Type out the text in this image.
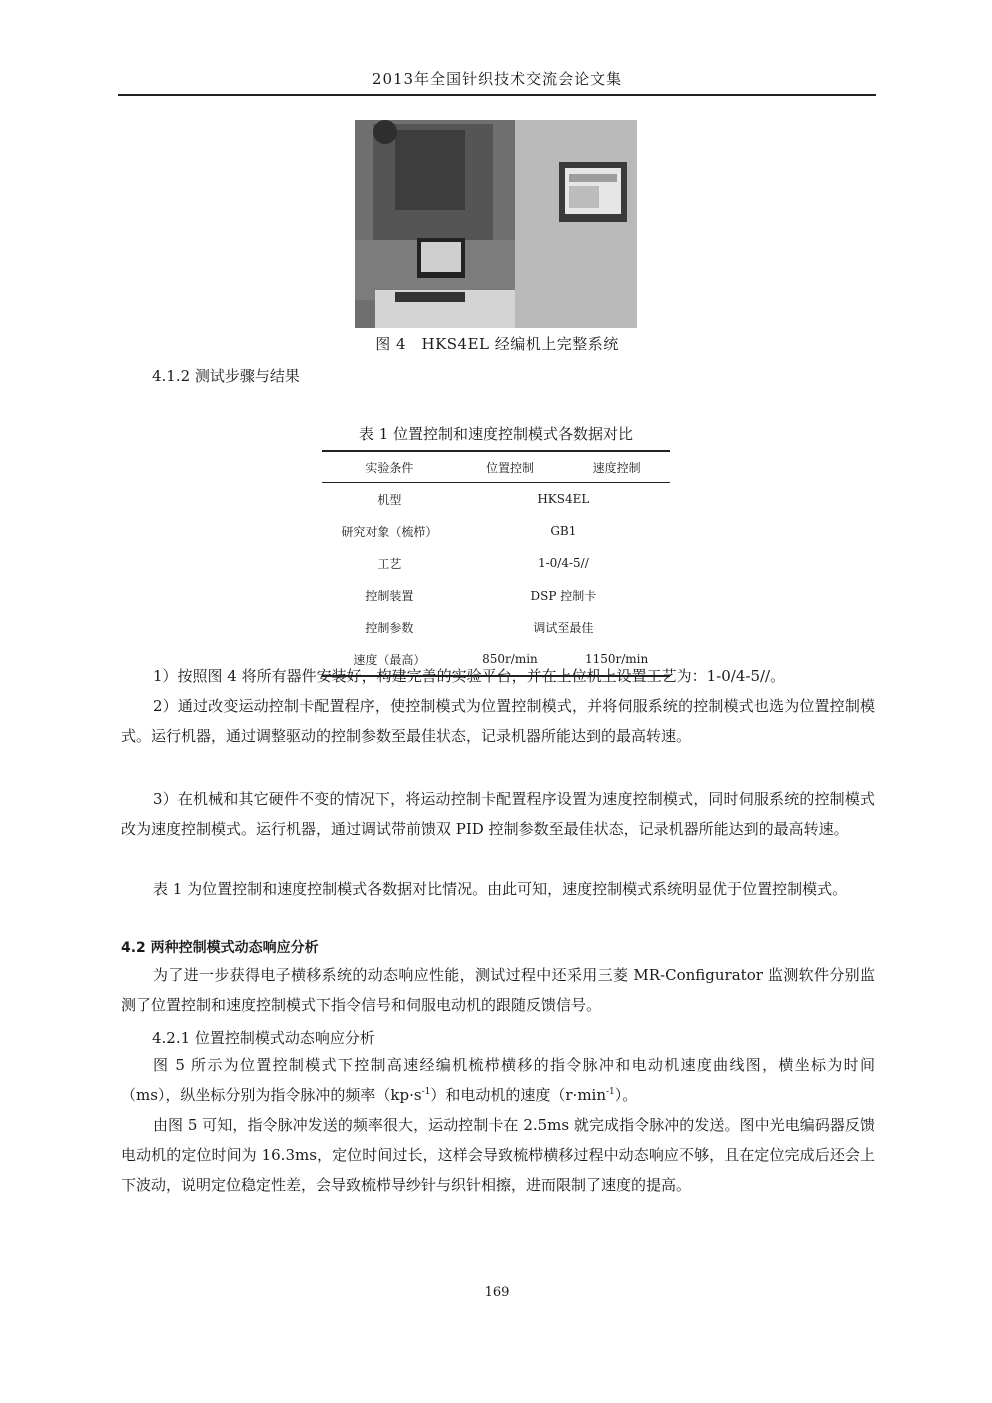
2013年全国针织技术交流会论文集
图 4　HKS4EL 经编机上完整系统
4.1.2 测试步骤与结果
表 1 位置控制和速度控制模式各数据对比
实验条件	位置控制	速度控制
机型	HKS4EL	
研究对象（梳栉）	GB1	
工艺	1-0/4-5//	
控制装置	DSP 控制卡	
控制参数	调试至最佳	
速度（最高）	850r/min	1150r/min

1）按照图 4 将所有器件安装好，构建完善的实验平台，并在上位机上设置工艺为：1-0/4-5//。

2）通过改变运动控制卡配置程序，使控制模式为位置控制模式，并将伺服系统的控制模式也选为位置控制模式。运行机器，通过调整驱动的控制参数至最佳状态，记录机器所能达到的最高转速。

3）在机械和其它硬件不变的情况下，将运动控制卡配置程序设置为速度控制模式，同时伺服系统的控制模式改为速度控制模式。运行机器，通过调试带前馈双 PID 控制参数至最佳状态，记录机器所能达到的最高转速。

表 1 为位置控制和速度控制模式各数据对比情况。由此可知，速度控制模式系统明显优于位置控制模式。

4.2 两种控制模式动态响应分析

为了进一步获得电子横移系统的动态响应性能，测试过程中还采用三菱 MR-Configurator 监测软件分别监测了位置控制和速度控制模式下指令信号和伺服电动机的跟随反馈信号。

4.2.1 位置控制模式动态响应分析

图 5 所示为位置控制模式下控制高速经编机梳栉横移的指令脉冲和电动机速度曲线图，横坐标为时间（ms），纵坐标分别为指令脉冲的频率$(kp\cdot s^{-1})$和电动机的速度$(r\cdot\min^{-1})$。

由图 5 可知，指令脉冲发送的频率很大，运动控制卡在 2.5ms 就完成指令脉冲的发送。图中光电编码器反馈电动机的定位时间为 16.3ms，定位时间过长，这样会导致梳栉横移过程中动态响应不够，且在定位完成后还会上下波动，说明定位稳定性差，会导致梳栉导纱针与织针相擦，进而限制了速度的提高。

169
